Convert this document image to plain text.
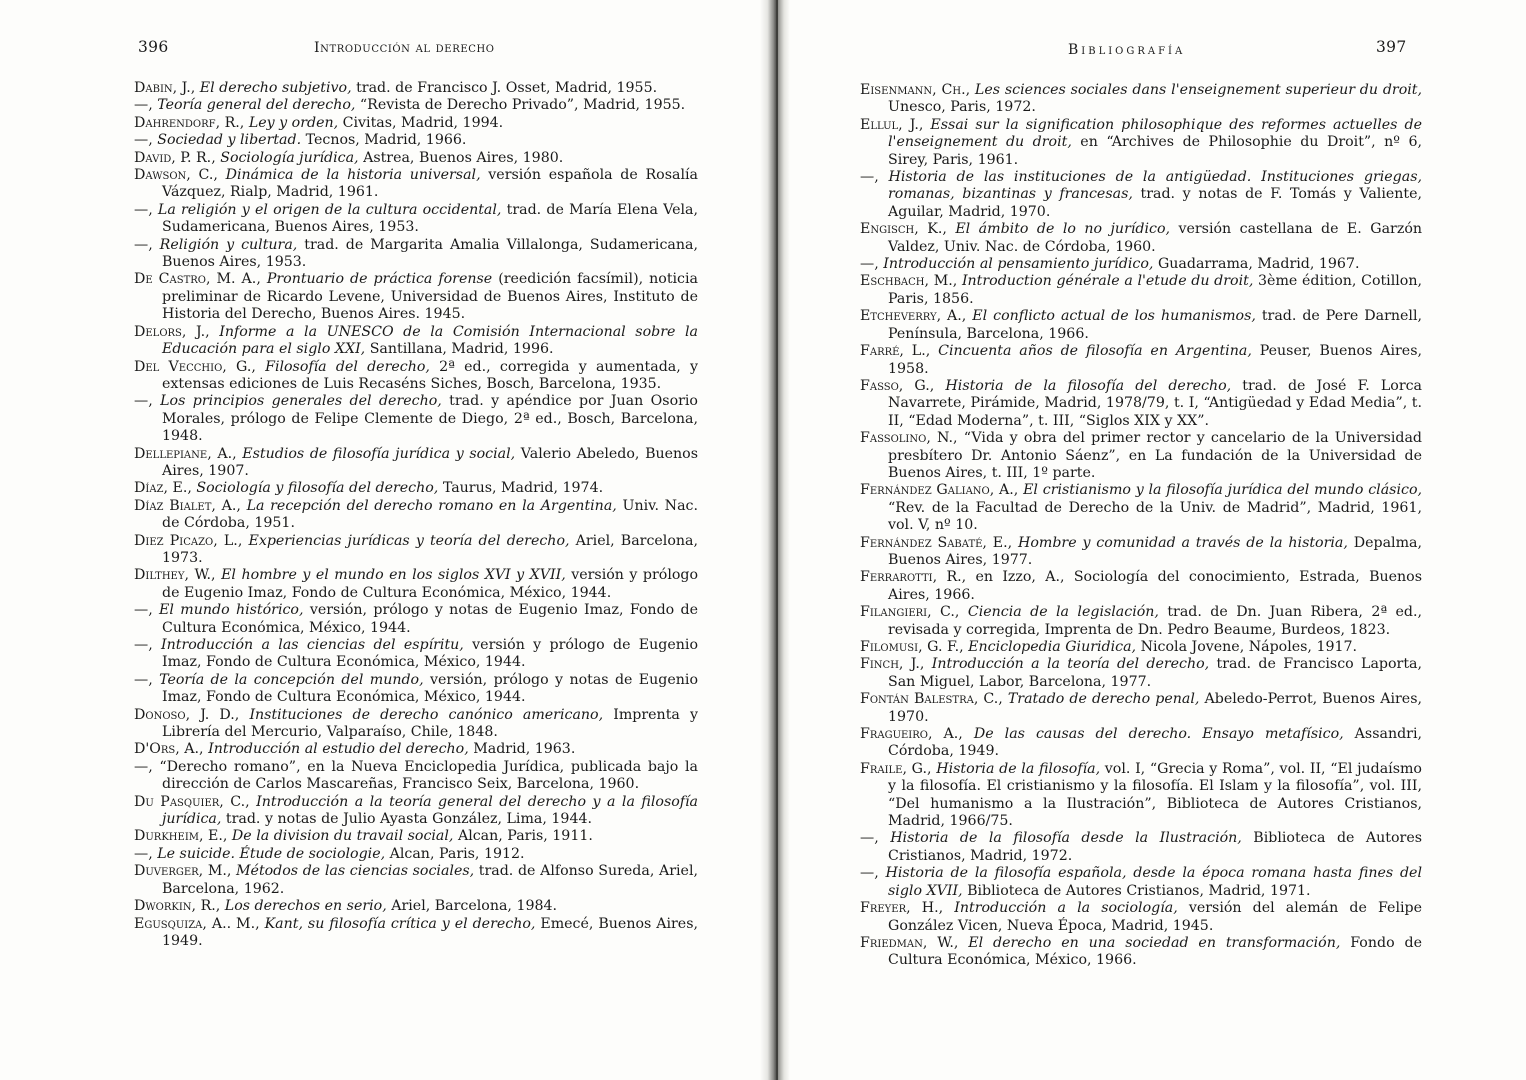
396	Introducción al derecho
Dabin, J., El derecho subjetivo, trad. de Francisco J. Osset, Madrid, 1955.
—, Teoría general del derecho, “Revista de Derecho Privado”, Madrid, 1955.
Dahrendorf, R., Ley y orden, Civitas, Madrid, 1994.
—, Sociedad y libertad. Tecnos, Madrid, 1966.
David, P. R., Sociología jurídica, Astrea, Buenos Aires, 1980.
Dawson, C., Dinámica de la historia universal, versión española de Rosalía Vázquez, Rialp, Madrid, 1961.
—, La religión y el origen de la cultura occidental, trad. de María Elena Vela, Sudamericana, Buenos Aires, 1953.
—, Religión y cultura, trad. de Margarita Amalia Villalonga, Sudamericana, Buenos Aires, 1953.
De Castro, M. A., Prontuario de práctica forense (reedición facsímil), noticia preliminar de Ricardo Levene, Universidad de Buenos Aires, Instituto de Historia del Derecho, Buenos Aires. 1945.
Delors, J., Informe a la UNESCO de la Comisión Internacional sobre la Educación para el siglo XXI, Santillana, Madrid, 1996.
Del Vecchio, G., Filosofía del derecho, 2ª ed., corregida y aumentada, y extensas ediciones de Luis Recaséns Siches, Bosch, Barcelona, 1935.
—, Los principios generales del derecho, trad. y apéndice por Juan Osorio Morales, prólogo de Felipe Clemente de Diego, 2ª ed., Bosch, Barcelona, 1948.
Dellepiane, A., Estudios de filosofía jurídica y social, Valerio Abeledo, Buenos Aires, 1907.
Díaz, E., Sociología y filosofía del derecho, Taurus, Madrid, 1974.
Díaz Bialet, A., La recepción del derecho romano en la Argentina, Univ. Nac. de Córdoba, 1951.
Diez Picazo, L., Experiencias jurídicas y teoría del derecho, Ariel, Barcelona, 1973.
Dilthey, W., El hombre y el mundo en los siglos XVI y XVII, versión y prólogo de Eugenio Imaz, Fondo de Cultura Económica, México, 1944.
—, El mundo histórico, versión, prólogo y notas de Eugenio Imaz, Fondo de Cultura Económica, México, 1944.
—, Introducción a las ciencias del espíritu, versión y prólogo de Eugenio Imaz, Fondo de Cultura Económica, México, 1944.
—, Teoría de la concepción del mundo, versión, prólogo y notas de Eugenio Imaz, Fondo de Cultura Económica, México, 1944.
Donoso, J. D., Instituciones de derecho canónico americano, Imprenta y Librería del Mercurio, Valparaíso, Chile, 1848.
D'Ors, A., Introducción al estudio del derecho, Madrid, 1963.
—, “Derecho romano”, en la Nueva Enciclopedia Jurídica, publicada bajo la dirección de Carlos Mascareñas, Francisco Seix, Barcelona, 1960.
Du Pasquier, C., Introducción a la teoría general del derecho y a la filosofía jurídica, trad. y notas de Julio Ayasta González, Lima, 1944.
Durkheim, E., De la division du travail social, Alcan, Paris, 1911.
—, Le suicide. Étude de sociologie, Alcan, Paris, 1912.
Duverger, M., Métodos de las ciencias sociales, trad. de Alfonso Sureda, Ariel, Barcelona, 1962.
Dworkin, R., Los derechos en serio, Ariel, Barcelona, 1984.
Egusquiza, A.. M., Kant, su filosofía crítica y el derecho, Emecé, Buenos Aires, 1949.
Bibliografía	397
Eisenmann, Ch., Les sciences sociales dans l'enseignement superieur du droit, Unesco, Paris, 1972.
Ellul, J., Essai sur la signification philosophique des reformes actuelles de l'enseignement du droit, en “Archives de Philosophie du Droit”, nº 6, Sirey, Paris, 1961.
—, Historia de las instituciones de la antigüedad. Instituciones griegas, romanas, bizantinas y francesas, trad. y notas de F. Tomás y Valiente, Aguilar, Madrid, 1970.
Engisch, K., El ámbito de lo no jurídico, versión castellana de E. Garzón Valdez, Univ. Nac. de Córdoba, 1960.
—, Introducción al pensamiento jurídico, Guadarrama, Madrid, 1967.
Eschbach, M., Introduction générale a l'etude du droit, 3ème édition, Cotillon, Paris, 1856.
Etcheverry, A., El conflicto actual de los humanismos, trad. de Pere Darnell, Península, Barcelona, 1966.
Farré, L., Cincuenta años de filosofía en Argentina, Peuser, Buenos Aires, 1958.
Fasso, G., Historia de la filosofía del derecho, trad. de José F. Lorca Navarrete, Pirámide, Madrid, 1978/79, t. I, “Antigüedad y Edad Media”, t. II, “Edad Moderna”, t. III, “Siglos XIX y XX”.
Fassolino, N., “Vida y obra del primer rector y cancelario de la Universidad presbítero Dr. Antonio Sáenz”, en La fundación de la Universidad de Buenos Aires, t. III, 1º parte.
Fernández Galiano, A., El cristianismo y la filosofía jurídica del mundo clásico, “Rev. de la Facultad de Derecho de la Univ. de Madrid”, Madrid, 1961, vol. V, nº 10.
Fernández Sabaté, E., Hombre y comunidad a través de la historia, Depalma, Buenos Aires, 1977.
Ferrarotti, R., en Izzo, A., Sociología del conocimiento, Estrada, Buenos Aires, 1966.
Filangieri, C., Ciencia de la legislación, trad. de Dn. Juan Ribera, 2ª ed., revisada y corregida, Imprenta de Dn. Pedro Beaume, Burdeos, 1823.
Filomusi, G. F., Enciclopedia Giuridica, Nicola Jovene, Nápoles, 1917.
Finch, J., Introducción a la teoría del derecho, trad. de Francisco Laporta, San Miguel, Labor, Barcelona, 1977.
Fontán Balestra, C., Tratado de derecho penal, Abeledo-Perrot, Buenos Aires, 1970.
Fragueiro, A., De las causas del derecho. Ensayo metafísico, Assandri, Córdoba, 1949.
Fraile, G., Historia de la filosofía, vol. I, “Grecia y Roma”, vol. II, “El judaísmo y la filosofía. El cristianismo y la filosofía. El Islam y la filosofía”, vol. III, “Del humanismo a la Ilustración”, Biblioteca de Autores Cristianos, Madrid, 1966/75.
—, Historia de la filosofía desde la Ilustración, Biblioteca de Autores Cristianos, Madrid, 1972.
—, Historia de la filosofía española, desde la época romana hasta fines del siglo XVII, Biblioteca de Autores Cristianos, Madrid, 1971.
Freyer, H., Introducción a la sociología, versión del alemán de Felipe González Vicen, Nueva Época, Madrid, 1945.
Friedman, W., El derecho en una sociedad en transformación, Fondo de Cultura Económica, México, 1966.
